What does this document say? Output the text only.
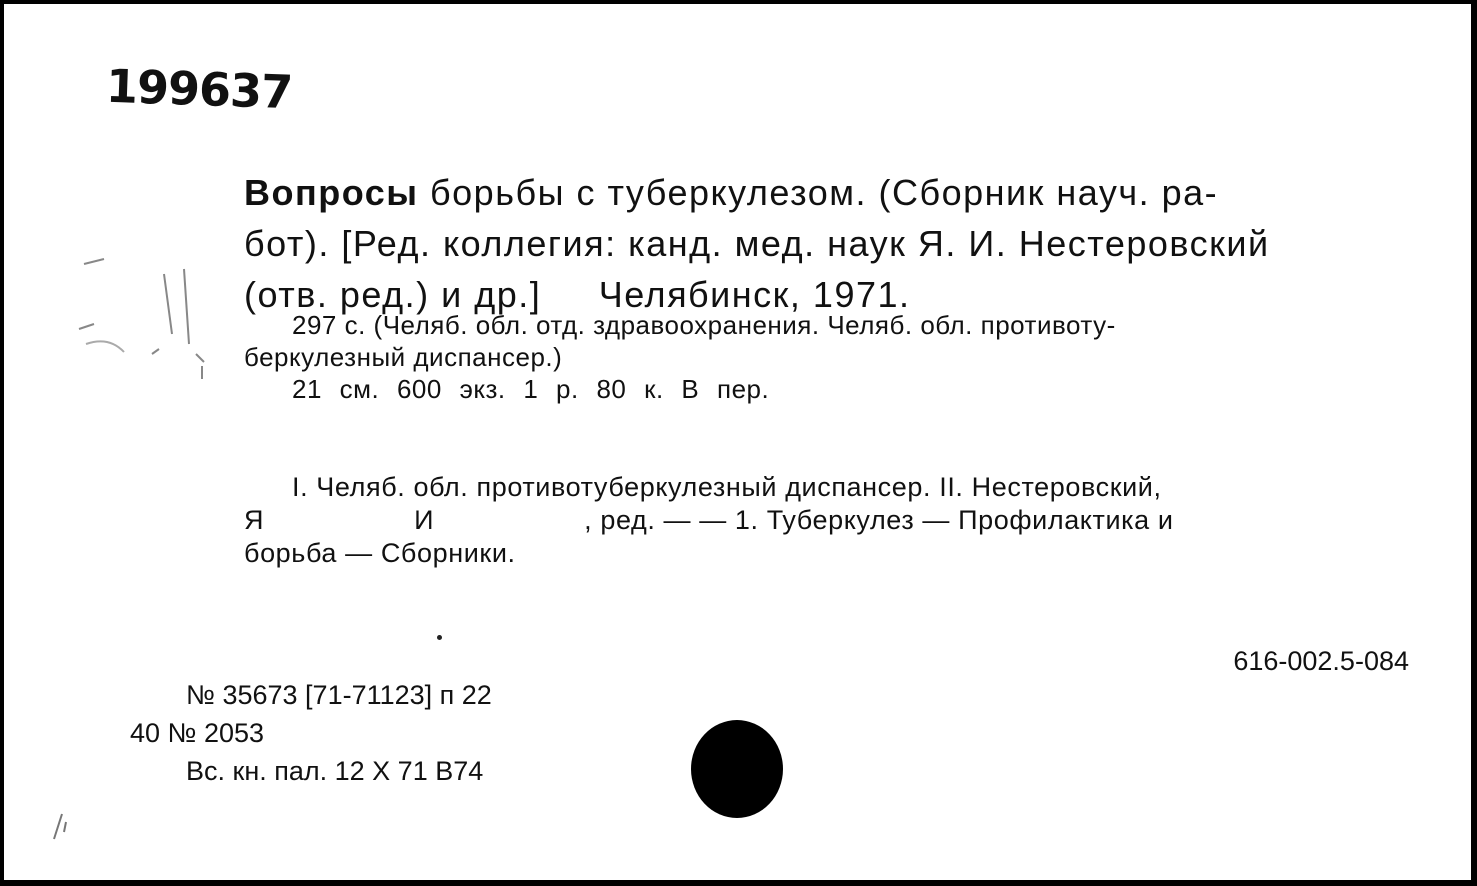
199637

Вопросы борьбы с туберкулезом. (Сборник науч. ра-

бот). [Ред. коллегия: канд. мед. наук Я. И. Нестеровский

(отв. ред.) и др.]     Челябинск, 1971.

297 с. (Челяб. обл. отд. здравоохранения. Челяб. обл. противоту-

беркулезный диспансер.)

21 см. 600 экз. 1 р. 80 к. В пер.

I. Челяб. обл. противотуберкулезный диспансер. II. Нестеровский,

Я	И	, ред. — — 1. Туберкулез — Профилактика и

борьба — Сборники.

616-002.5-084

№ 35673 [71-71123] п 22

40 № 2053

Вс. кн. пал. 12 X 71 В74
